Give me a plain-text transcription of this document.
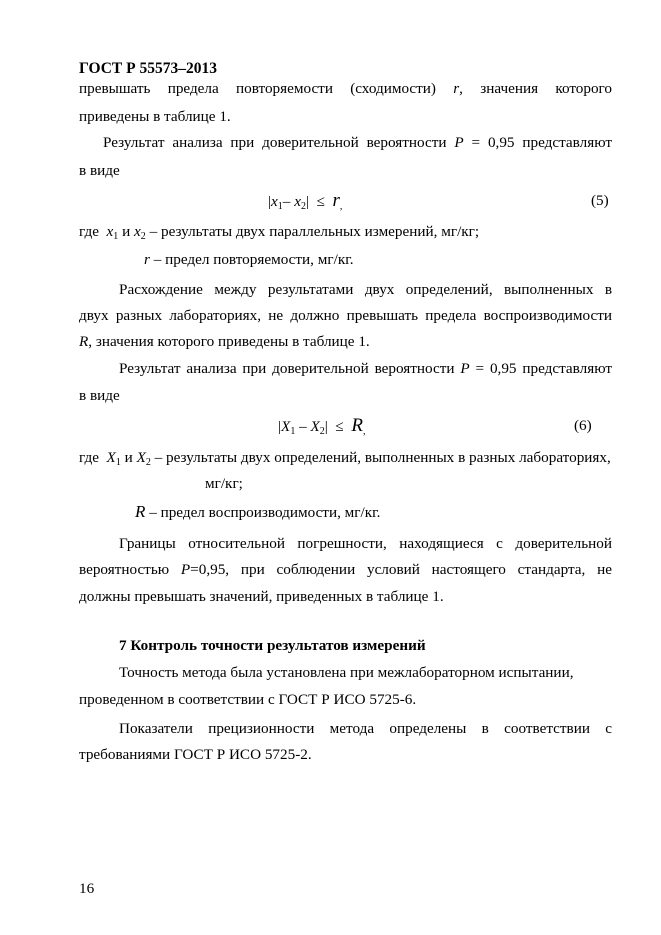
ГОСТ Р 55573–2013
превышать предела повторяемости (сходимости) r, значения которого
приведены в таблице 1.
Результат анализа при доверительной вероятности P = 0,95 представляют
в виде
$|x_1-$ $x_2| \le r_,$	(5)
где  $x_1$ и $x_2$ – результаты двух параллельных измерений, мг/кг;
r – предел повторяемости, мг/кг.
Расхождение между результатами двух определений, выполненных в
двух разных лабораториях, не должно превышать предела воспроизводимости
R, значения которого приведены в таблице 1.
Результат анализа при доверительной вероятности P = 0,95 представляют
в виде
$|X_1 - X_2| \le R_,$	(6)
где  $X_1$ и $X_2$ – результаты двух определений, выполненных в разных лабораториях,
мг/кг;
R – предел воспроизводимости, мг/кг.
Границы относительной погрешности, находящиеся с доверительной
вероятностью P=0,95, при соблюдении условий настоящего стандарта, не
должны превышать значений, приведенных в таблице 1.
7 Контроль точности результатов измерений
Точность метода была установлена при межлабораторном испытании,
проведенном в соответствии с ГОСТ Р ИСО 5725-6.
Показатели прецизионности метода определены в соответствии с
требованиями ГОСТ Р ИСО 5725-2.
16
